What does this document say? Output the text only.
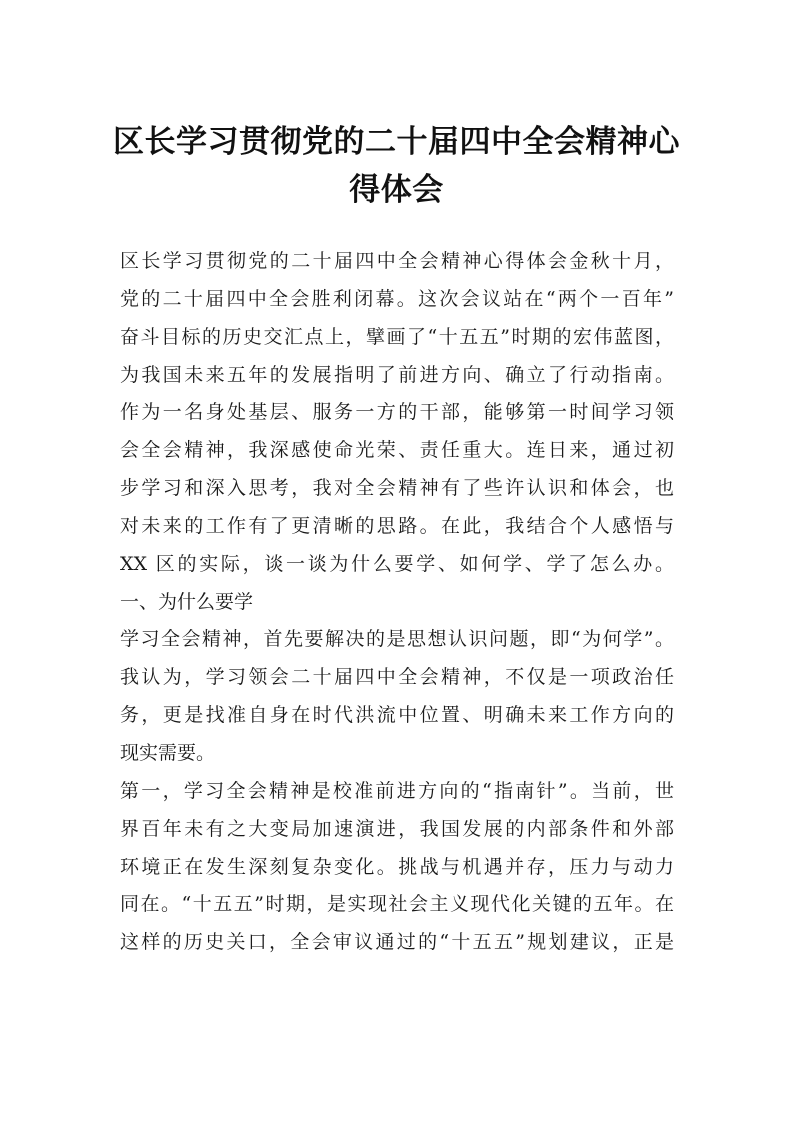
区长学习贯彻党的二十届四中全会精神心
得体会
区长学习贯彻党的二十届四中全会精神心得体会金秋十月，
党的二十届四中全会胜利闭幕。这次会议站在“两个一百年”
奋斗目标的历史交汇点上，擘画了“十五五”时期的宏伟蓝图，
为我国未来五年的发展指明了前进方向、确立了行动指南。
作为一名身处基层、服务一方的干部，能够第一时间学习领
会全会精神，我深感使命光荣、责任重大。连日来，通过初
步学习和深入思考，我对全会精神有了些许认识和体会，也
对未来的工作有了更清晰的思路。在此，我结合个人感悟与
XX 区的实际，谈一谈为什么要学、如何学、学了怎么办。
一、为什么要学
学习全会精神，首先要解决的是思想认识问题，即“为何学”。
我认为，学习领会二十届四中全会精神，不仅是一项政治任
务，更是找准自身在时代洪流中位置、明确未来工作方向的
现实需要。
第一，学习全会精神是校准前进方向的“指南针”。当前，世
界百年未有之大变局加速演进，我国发展的内部条件和外部
环境正在发生深刻复杂变化。挑战与机遇并存，压力与动力
同在。“十五五”时期，是实现社会主义现代化关键的五年。在
这样的历史关口，全会审议通过的“十五五”规划建议，正是
